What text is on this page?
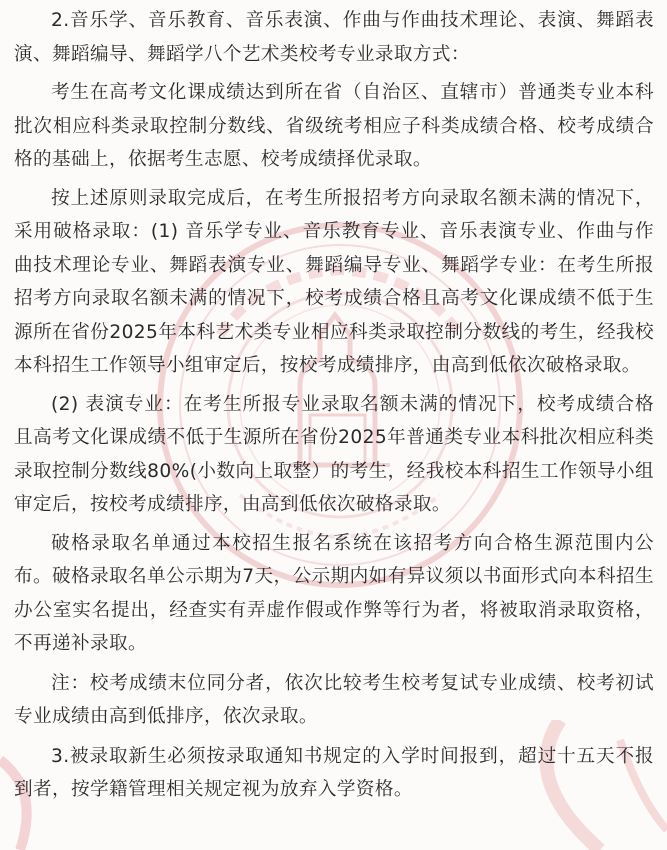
2.音乐学、音乐教育、音乐表演、作曲与作曲技术理论、表演、舞蹈表演、舞蹈编导、舞蹈学八个艺术类校考专业录取方式：

考生在高考文化课成绩达到所在省（自治区、直辖市）普通类专业本科批次相应科类录取控制分数线、省级统考相应子科类成绩合格、校考成绩合格的基础上，依据考生志愿、校考成绩择优录取。

按上述原则录取完成后，在考生所报招考方向录取名额未满的情况下，采用破格录取：(1) 音乐学专业、音乐教育专业、音乐表演专业、作曲与作曲技术理论专业、舞蹈表演专业、舞蹈编导专业、舞蹈学专业：在考生所报招考方向录取名额未满的情况下，校考成绩合格且高考文化课成绩不低于生源所在省份2025年本科艺术类专业相应科类录取控制分数线的考生，经我校本科招生工作领导小组审定后，按校考成绩排序，由高到低依次破格录取。

(2) 表演专业：在考生所报专业录取名额未满的情况下，校考成绩合格且高考文化课成绩不低于生源所在省份2025年普通类专业本科批次相应科类录取控制分数线80%(小数向上取整）的考生，经我校本科招生工作领导小组审定后，按校考成绩排序，由高到低依次破格录取。

破格录取名单通过本校招生报名系统在该招考方向合格生源范围内公布。破格录取名单公示期为7天，公示期内如有异议须以书面形式向本科招生办公室实名提出，经查实有弄虚作假或作弊等行为者，将被取消录取资格，不再递补录取。

注：校考成绩末位同分者，依次比较考生校考复试专业成绩、校考初试专业成绩由高到低排序，依次录取。

3.被录取新生必须按录取通知书规定的入学时间报到，超过十五天不报到者，按学籍管理相关规定视为放弃入学资格。
